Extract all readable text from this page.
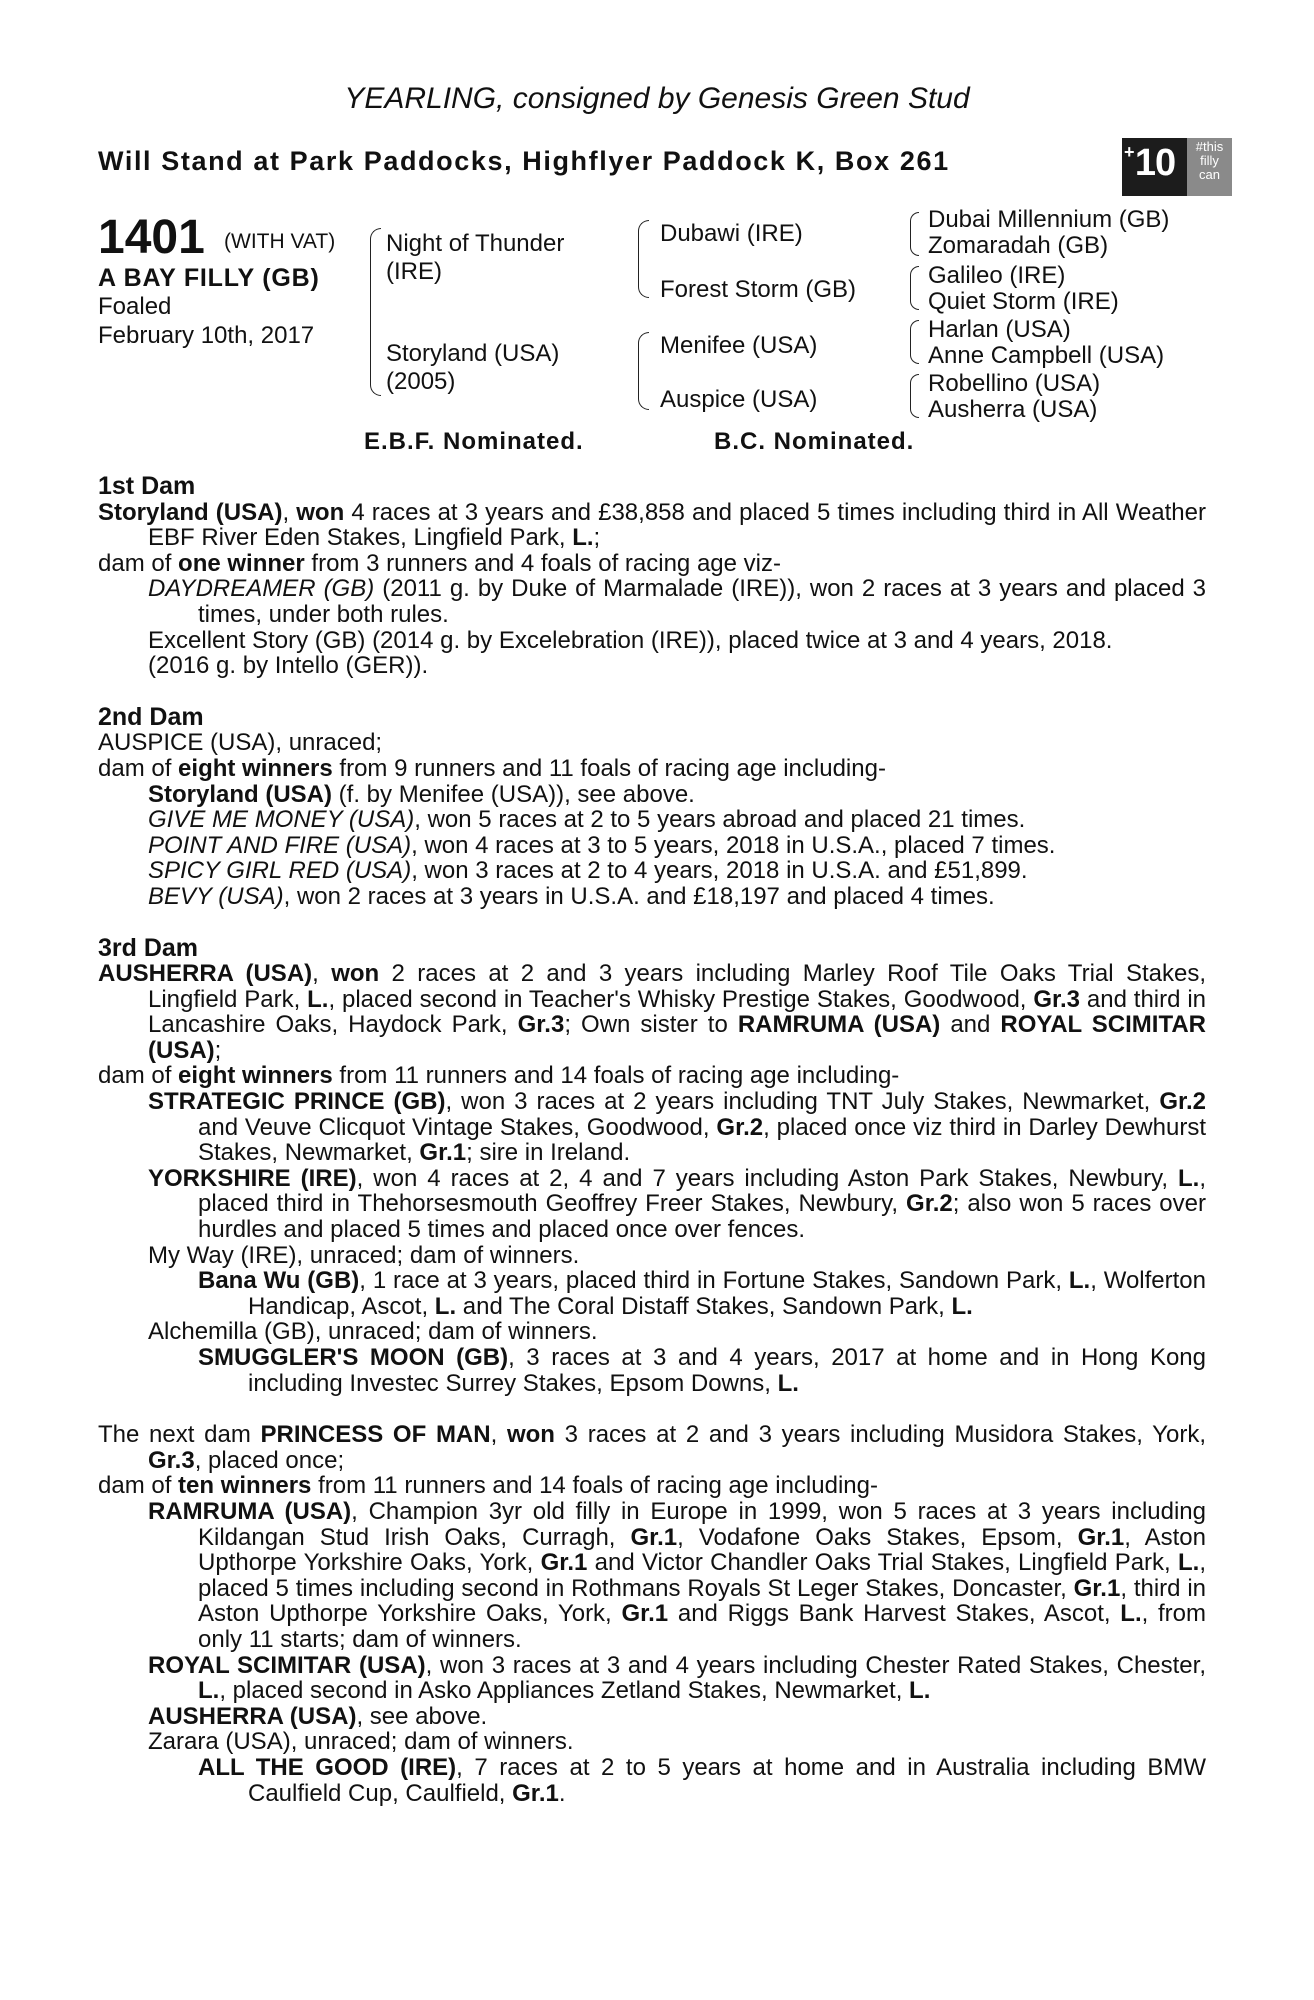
YEARLING, consigned by Genesis Green Stud
Will Stand at Park Paddocks, Highflyer Paddock K, Box 261	+ 10	#this
filly
can
1401 (WITH VAT)
A BAY FILLY (GB)
Foaled
February 10th, 2017
Night of Thunder
(IRE)
Storyland (USA)
(2005)
Dubawi (IRE)
Forest Storm (GB)
Menifee (USA)
Auspice (USA)
Dubai Millennium (GB)
Zomaradah (GB)
Galileo (IRE)
Quiet Storm (IRE)
Harlan (USA)
Anne Campbell (USA)
Robellino (USA)
Ausherra (USA)
E.B.F. Nominated.	B.C. Nominated.

1st Dam

Storyland (USA), won 4 races at 3 years and £38,858 and placed 5 times including third in All Weather EBF River Eden Stakes, Lingfield Park, L.;

dam of one winner from 3 runners and 4 foals of racing age viz-

DAYDREAMER (GB) (2011 g. by Duke of Marmalade (IRE)), won 2 races at 3 years and placed 3 times, under both rules.

Excellent Story (GB) (2014 g. by Excelebration (IRE)), placed twice at 3 and 4 years, 2018.

(2016 g. by Intello (GER)).

2nd Dam

AUSPICE (USA), unraced;

dam of eight winners from 9 runners and 11 foals of racing age including-

Storyland (USA) (f. by Menifee (USA)), see above.

GIVE ME MONEY (USA), won 5 races at 2 to 5 years abroad and placed 21 times.

POINT AND FIRE (USA), won 4 races at 3 to 5 years, 2018 in U.S.A., placed 7 times.

SPICY GIRL RED (USA), won 3 races at 2 to 4 years, 2018 in U.S.A. and £51,899.

BEVY (USA), won 2 races at 3 years in U.S.A. and £18,197 and placed 4 times.

3rd Dam

AUSHERRA (USA), won 2 races at 2 and 3 years including Marley Roof Tile Oaks Trial Stakes, Lingfield Park, L., placed second in Teacher's Whisky Prestige Stakes, Goodwood, Gr.3 and third in Lancashire Oaks, Haydock Park, Gr.3; Own sister to RAMRUMA (USA) and ROYAL SCIMITAR (USA);

dam of eight winners from 11 runners and 14 foals of racing age including-

STRATEGIC PRINCE (GB), won 3 races at 2 years including TNT July Stakes, Newmarket, Gr.2 and Veuve Clicquot Vintage Stakes, Goodwood, Gr.2, placed once viz third in Darley Dewhurst Stakes, Newmarket, Gr.1; sire in Ireland.

YORKSHIRE (IRE), won 4 races at 2, 4 and 7 years including Aston Park Stakes, Newbury, L., placed third in Thehorsesmouth Geoffrey Freer Stakes, Newbury, Gr.2; also won 5 races over hurdles and placed 5 times and placed once over fences.

My Way (IRE), unraced; dam of winners.

Bana Wu (GB), 1 race at 3 years, placed third in Fortune Stakes, Sandown Park, L., Wolferton Handicap, Ascot, L. and The Coral Distaff Stakes, Sandown Park, L.

Alchemilla (GB), unraced; dam of winners.

SMUGGLER'S MOON (GB), 3 races at 3 and 4 years, 2017 at home and in Hong Kong including Investec Surrey Stakes, Epsom Downs, L.

The next dam PRINCESS OF MAN, won 3 races at 2 and 3 years including Musidora Stakes, York, Gr.3, placed once;

dam of ten winners from 11 runners and 14 foals of racing age including-

RAMRUMA (USA), Champion 3yr old filly in Europe in 1999, won 5 races at 3 years including Kildangan Stud Irish Oaks, Curragh, Gr.1, Vodafone Oaks Stakes, Epsom, Gr.1, Aston Upthorpe Yorkshire Oaks, York, Gr.1 and Victor Chandler Oaks Trial Stakes, Lingfield Park, L., placed 5 times including second in Rothmans Royals St Leger Stakes, Doncaster, Gr.1, third in Aston Upthorpe Yorkshire Oaks, York, Gr.1 and Riggs Bank Harvest Stakes, Ascot, L., from only 11 starts; dam of winners.

ROYAL SCIMITAR (USA), won 3 races at 3 and 4 years including Chester Rated Stakes, Chester, L., placed second in Asko Appliances Zetland Stakes, Newmarket, L.

AUSHERRA (USA), see above.

Zarara (USA), unraced; dam of winners.

ALL THE GOOD (IRE), 7 races at 2 to 5 years at home and in Australia including BMW Caulfield Cup, Caulfield, Gr.1.
